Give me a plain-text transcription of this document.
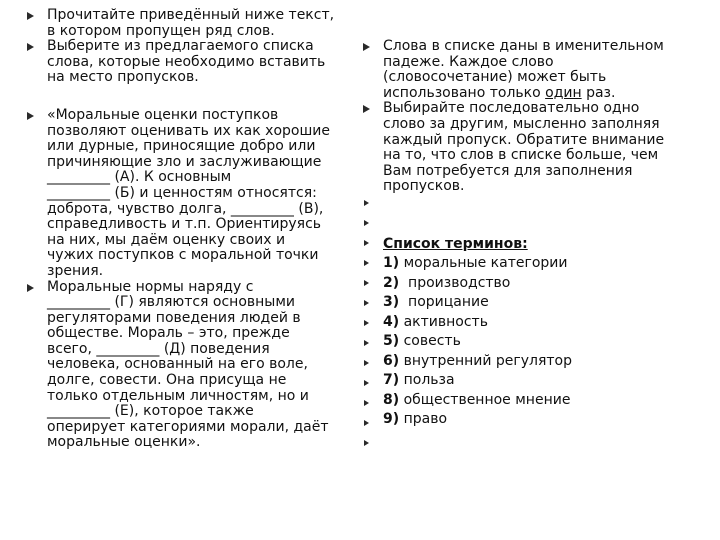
Прочитайте приведённый ниже текст,
в котором пропущен ряд слов.
Выберите из предлагаемого списка
слова, которые необходимо вставить
на место пропусков.
«Моральные оценки поступков
позволяют оценивать их как хорошие
или дурные, приносящие добро или
причиняющие зло и заслуживающие
_________ (А). К основным
_________ (Б) и ценностям относятся:
доброта, чувство долга, _________ (В),
справедливость и т.п. Ориентируясь
на них, мы даём оценку своих и
чужих поступков с моральной точки
зрения.
Моральные нормы наряду с
_________ (Г) являются основными
регуляторами поведения людей в
обществе. Мораль – это, прежде
всего, _________ (Д) поведения
человека, основанный на его воле,
долге, совести. Она присуща не
только отдельным личностям, но и
_________ (Е), которое также
оперирует категориями морали, даёт
моральные оценки».
Слова в списке даны в именительном
падеже. Каждое слово
(словосочетание) может быть
использовано только один раз.
Выбирайте последовательно одно
слово за другим, мысленно заполняя
каждый пропуск. Обратите внимание
на то, что слов в списке больше, чем
Вам потребуется для заполнения
пропусков.
Список терминов:
1) моральные категории
2) производство
3) порицание
4) активность
5) совесть
6) внутренний регулятор
7) польза
8) общественное мнение
9) право
